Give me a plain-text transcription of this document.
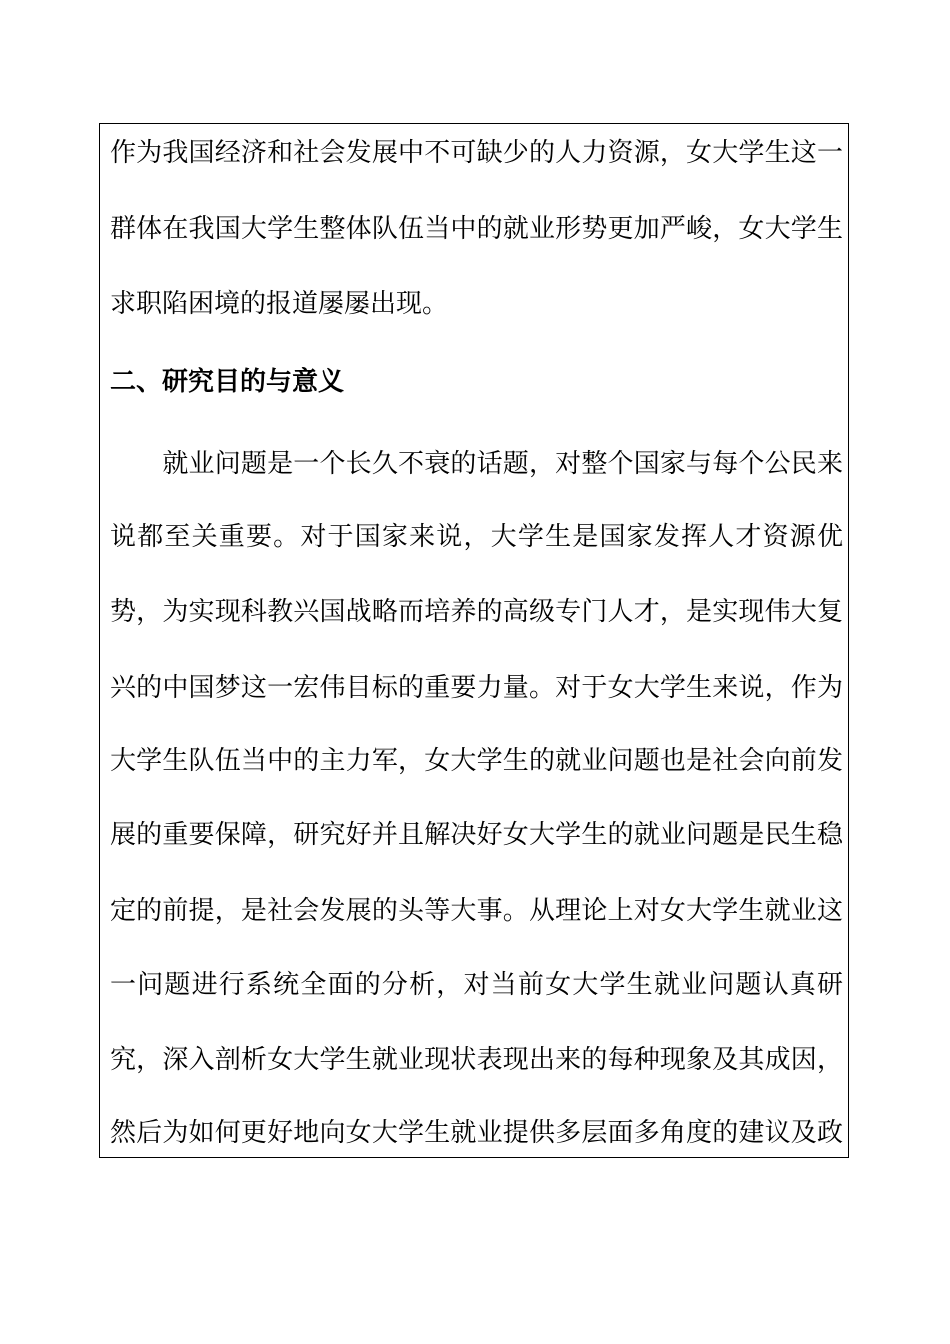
作为我国经济和社会发展中不可缺少的人力资源，女大学生这一
群体在我国大学生整体队伍当中的就业形势更加严峻，女大学生
求职陷困境的报道屡屡出现。
二、研究目的与意义
　　就业问题是一个长久不衰的话题，对整个国家与每个公民来
说都至关重要。对于国家来说，大学生是国家发挥人才资源优
势，为实现科教兴国战略而培养的高级专门人才，是实现伟大复
兴的中国梦这一宏伟目标的重要力量。对于女大学生来说，作为
大学生队伍当中的主力军，女大学生的就业问题也是社会向前发
展的重要保障，研究好并且解决好女大学生的就业问题是民生稳
定的前提，是社会发展的头等大事。从理论上对女大学生就业这
一问题进行系统全面的分析，对当前女大学生就业问题认真研
究，深入剖析女大学生就业现状表现出来的每种现象及其成因，
然后为如何更好地向女大学生就业提供多层面多角度的建议及政
